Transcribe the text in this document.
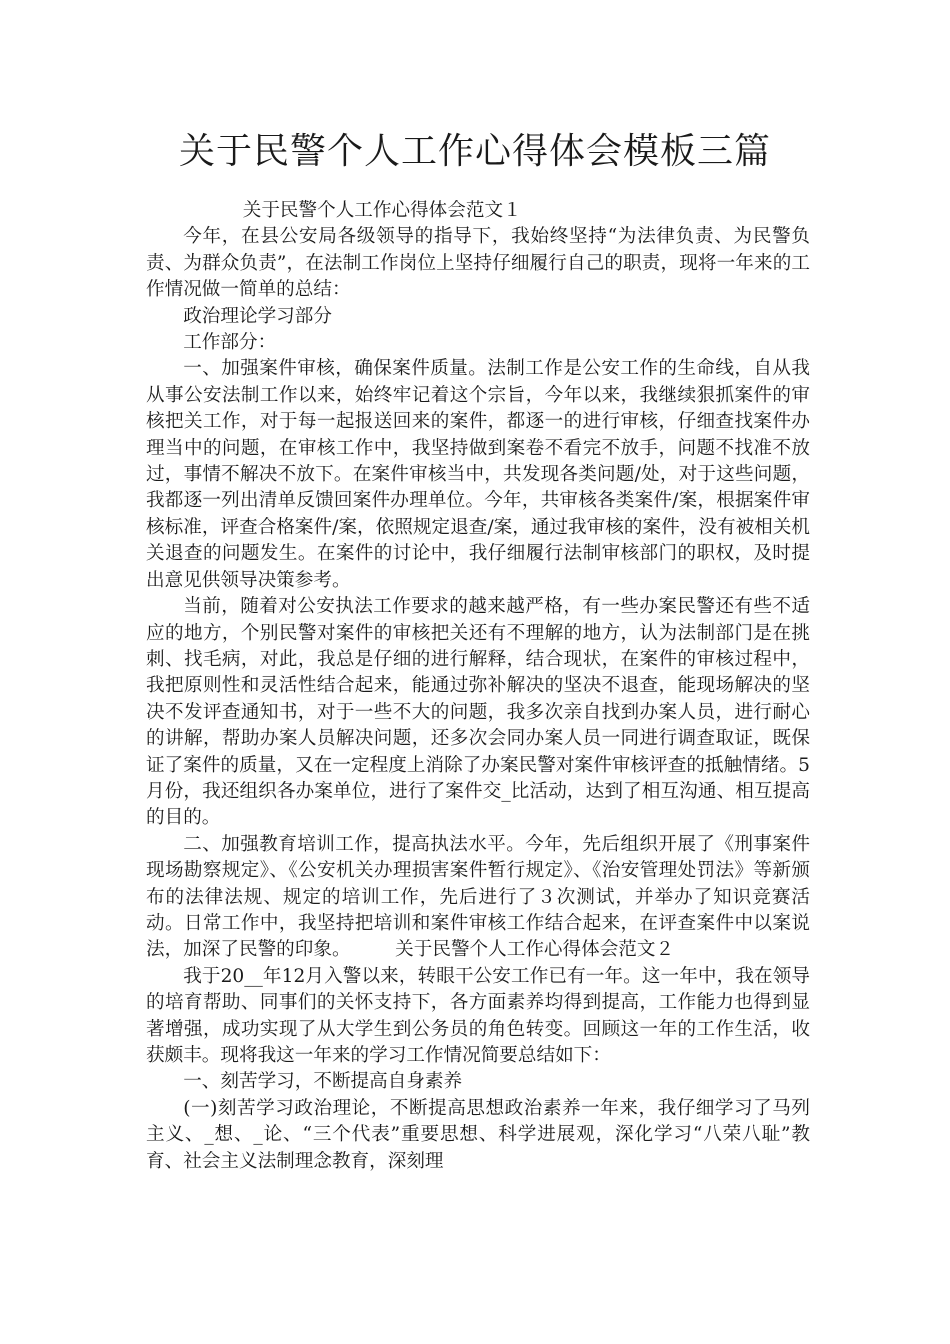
关于民警个人工作心得体会模板三篇

关于民警个人工作心得体会范文１

今年，在县公安局各级领导的指导下，我始终坚持“为法律负责、为民警负责、为群众负责”，在法制工作岗位上坚持仔细履行自己的职责，现将一年来的工作情况做一简单的总结：

政治理论学习部分

工作部分：

一、加强案件审核，确保案件质量。法制工作是公安工作的生命线，自从我从事公安法制工作以来，始终牢记着这个宗旨，今年以来，我继续狠抓案件的审核把关工作，对于每一起报送回来的案件，都逐一的进行审核，仔细查找案件办理当中的问题，在审核工作中，我坚持做到案卷不看完不放手，问题不找准不放过，事情不解决不放下。在案件审核当中，共发现各类问题/处，对于这些问题，我都逐一列出清单反馈回案件办理单位。今年，共审核各类案件/案，根据案件审核标准，评查合格案件/案，依照规定退查/案，通过我审核的案件，没有被相关机关退查的问题发生。在案件的讨论中，我仔细履行法制审核部门的职权，及时提出意见供领导决策参考。

当前，随着对公安执法工作要求的越来越严格，有一些办案民警还有些不适应的地方，个别民警对案件的审核把关还有不理解的地方，认为法制部门是在挑刺、找毛病，对此，我总是仔细的进行解释，结合现状，在案件的审核过程中，我把原则性和灵活性结合起来，能通过弥补解决的坚决不退查，能现场解决的坚决不发评查通知书，对于一些不大的问题，我多次亲自找到办案人员，进行耐心的讲解，帮助办案人员解决问题，还多次会同办案人员一同进行调查取证，既保证了案件的质量，又在一定程度上消除了办案民警对案件审核评查的抵触情绪。5月份，我还组织各办案单位，进行了案件交_比活动，达到了相互沟通、相互提高的目的。

二、加强教育培训工作，提高执法水平。今年，先后组织开展了《刑事案件现场勘察规定》、《公安机关办理损害案件暂行规定》、《治安管理处罚法》等新颁布的法律法规、规定的培训工作，先后进行了３次测试，并举办了知识竞赛活动。日常工作中，我坚持把培训和案件审核工作结合起来，在评查案件中以案说法，加深了民警的印象。 关于民警个人工作心得体会范文２

我于20__年12月入警以来，转眼干公安工作已有一年。这一年中，我在领导的培育帮助、同事们的关怀支持下，各方面素养均得到提高，工作能力也得到显著增强，成功实现了从大学生到公务员的角色转变。回顾这一年的工作生活，收获颇丰。现将我这一年来的学习工作情况简要总结如下：

一、刻苦学习，不断提高自身素养

(一)刻苦学习政治理论，不断提高思想政治素养一年来，我仔细学习了马列主义、_想、_论、“三个代表”重要思想、科学进展观，深化学习“八荣八耻”教育、社会主义法制理念教育，深刻理
